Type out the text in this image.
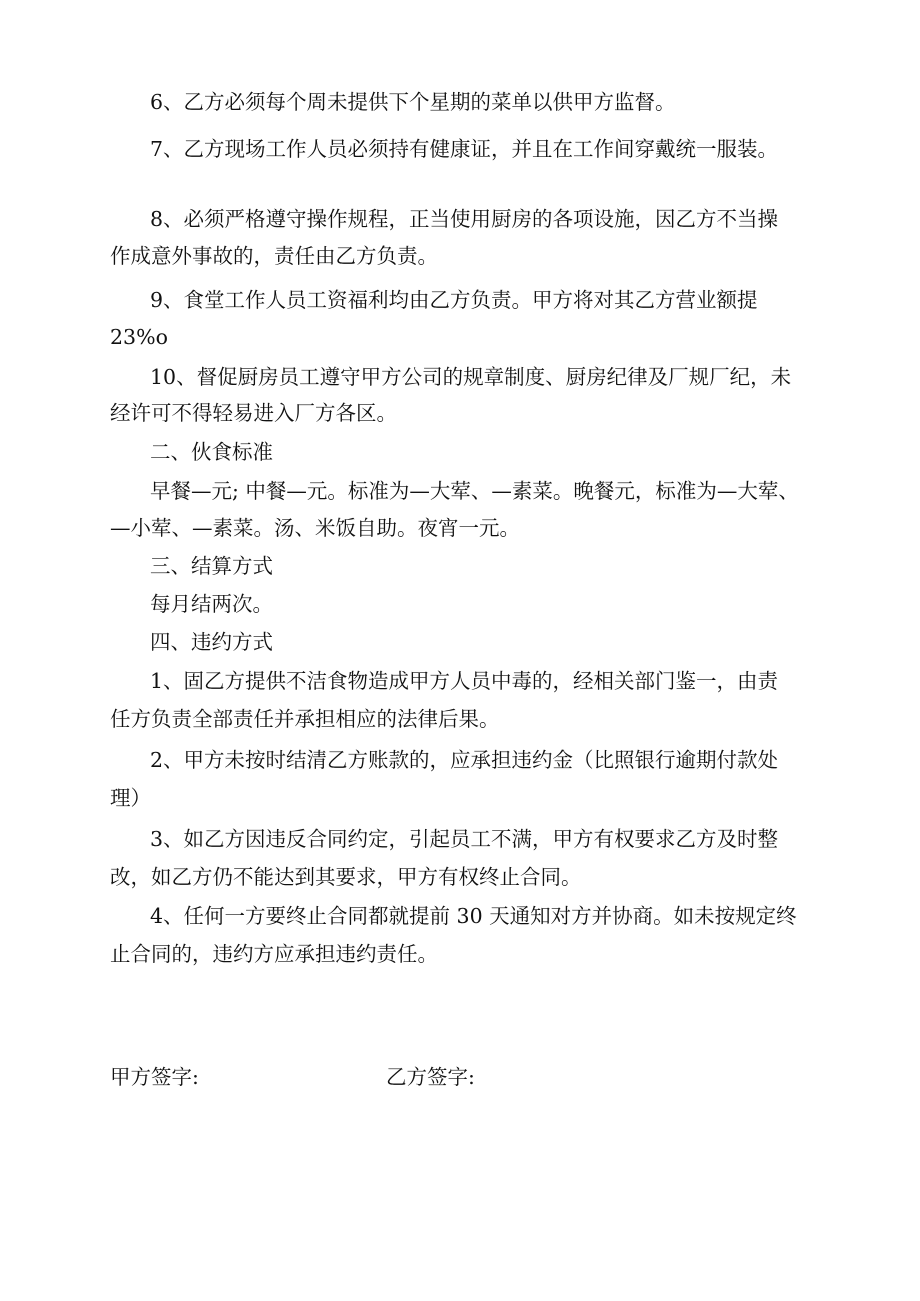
6、乙方必须每个周未提供下个星期的菜单以供甲方监督。

7、乙方现场工作人员必须持有健康证，并且在工作间穿戴统一服装。

8、必须严格遵守操作规程，正当使用厨房的各项设施，因乙方不当操

作成意外事故的，责任由乙方负责。

9、食堂工作人员工资福利均由乙方负责。甲方将对其乙方营业额提

23%o

10、督促厨房员工遵守甲方公司的规章制度、厨房纪律及厂规厂纪，未

经许可不得轻易进入厂方各区。

二、伙食标准

早餐—元; 中餐—元。标准为—大荤、—素菜。晚餐元，标准为—大荤、

—小荤、—素菜。汤、米饭自助。夜宵一元。

三、结算方式

每月结两次。

四、违约方式

1、固乙方提供不洁食物造成甲方人员中毒的，经相关部门鉴一，由责

任方负责全部责任并承担相应的法律后果。

2、甲方未按时结清乙方账款的，应承担违约金（比照银行逾期付款处

理）

3、如乙方因违反合同约定，引起员工不满，甲方有权要求乙方及时整

改，如乙方仍不能达到其要求，甲方有权终止合同。

4、任何一方要终止合同都就提前 30 天通知对方并协商。如未按规定终

止合同的，违约方应承担违约责任。

甲方签字:	乙方签字:
